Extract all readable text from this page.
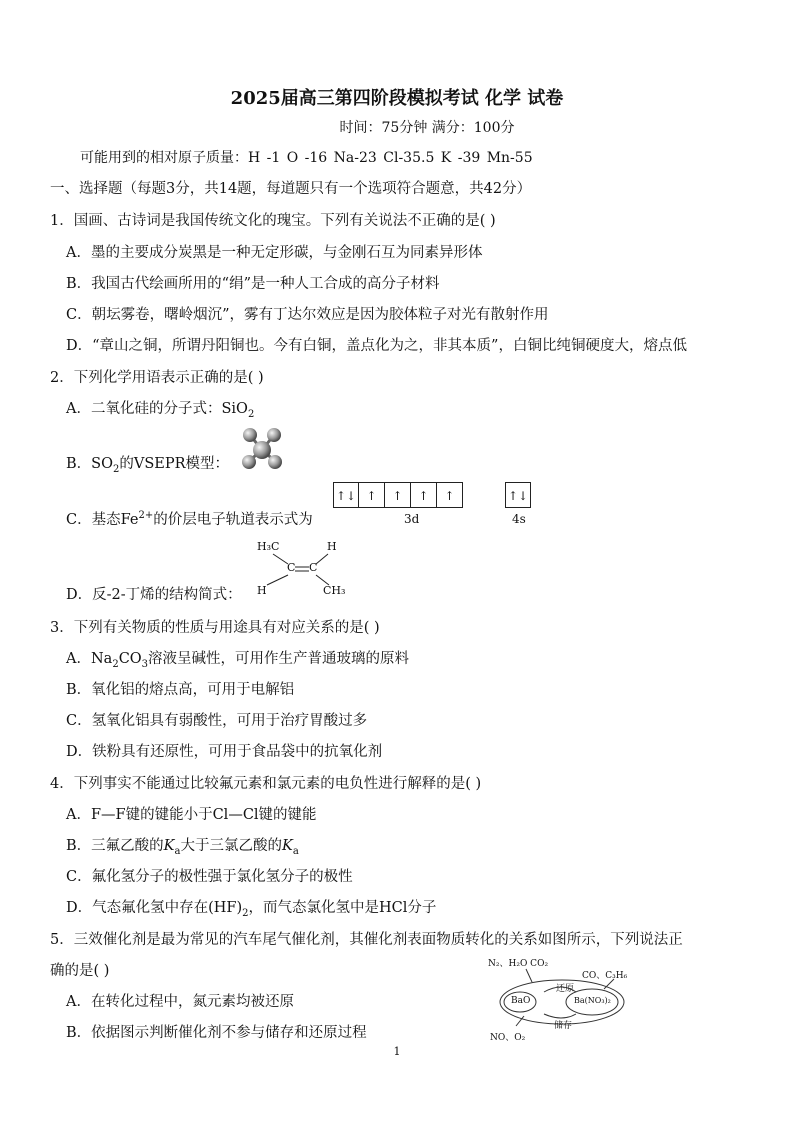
2025届高三第四阶段模拟考试 化学 试卷
时间：75分钟 满分：100分
可能用到的相对原子质量：H -1 O -16 Na-23 Cl-35.5 K -39 Mn-55
一、选择题（每题3分，共14题，每道题只有一个选项符合题意，共42分）
1．国画、古诗词是我国传统文化的瑰宝。下列有关说法不正确的是( )
A．墨的主要成分炭黑是一种无定形碳，与金刚石互为同素异形体
B．我国古代绘画所用的“绢”是一种人工合成的高分子材料
C．朝坛雾卷，曙岭烟沉”，雾有丁达尔效应是因为胶体粒子对光有散射作用
D．“章山之铜，所谓丹阳铜也。今有白铜，盖点化为之，非其本质”，白铜比纯铜硬度大，熔点低
2．下列化学用语表示正确的是( )
A．二氧化硅的分子式：SiO$_2$
B．$SO_2$的VSEPR模型：
C．基态$Fe^{2+}$的价层电子轨道表示式为
↑↓ ↑	↑	↑	↑	↑↓
3d	4s
D．反-2-丁烯的结构简式：
H₃C	H
C C
H	CH₃
3．下列有关物质的性质与用途具有对应关系的是( )
A．$Na_2CO_3$溶液呈碱性，可用作生产普通玻璃的原料
B．氧化铝的熔点高，可用于电解铝
C．氢氧化铝具有弱酸性，可用于治疗胃酸过多
D．铁粉具有还原性，可用于食品袋中的抗氧化剂
4．下列事实不能通过比较氟元素和氯元素的电负性进行解释的是( )
A．F—F键的键能小于Cl—Cl键的键能
B．三氟乙酸的$K_a$大于三氯乙酸的$K_a$
C．氟化氢分子的极性强于氯化氢分子的极性
D．气态氟化氢中存在$(HF)_2$，而气态氯化氢中是HCl分子
5．三效催化剂是最为常见的汽车尾气催化剂，其催化剂表面物质转化的关系如图所示，下列说法正
确的是( )
A．在转化过程中，氮元素均被还原
B．依据图示判断催化剂不参与储存和还原过程
N₂、H₂O CO₂
CO、C₃H₆
还原
BaO	Ba(NO₃)₂
储存
NO、O₂
1
